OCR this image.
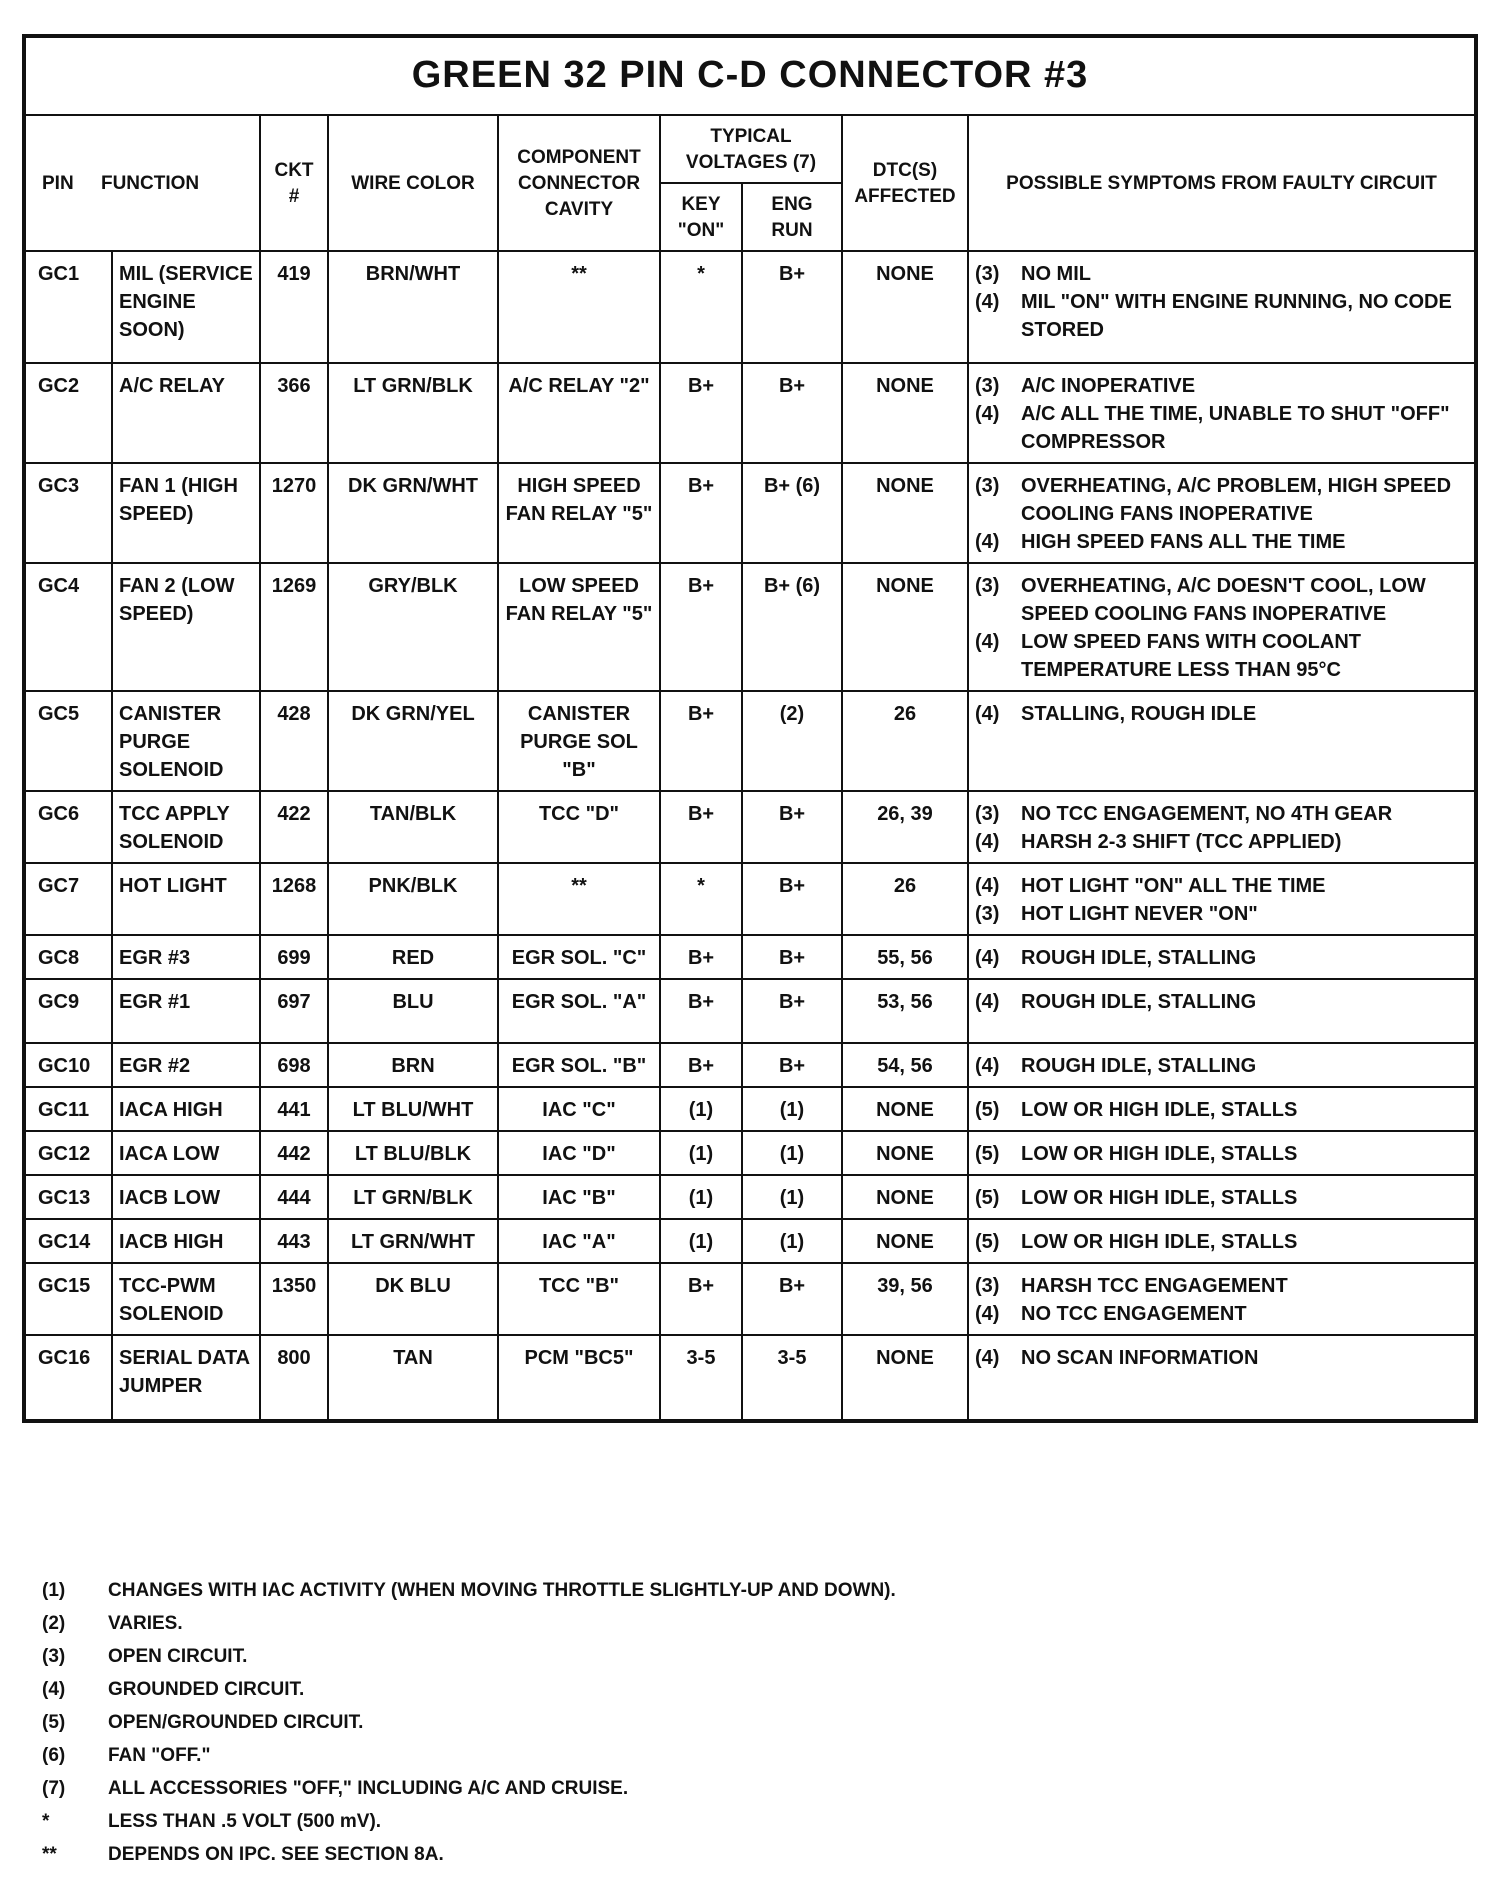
GREEN 32 PIN C-D CONNECTOR #3								
PIN FUNCTION		CKT #	WIRE COLOR	COMPONENT CONNECTOR CAVITY	TYPICAL VOLTAGES (7)		DTC(S) AFFECTED	POSSIBLE SYMPTOMS FROM FAULTY CIRCUIT
					KEY "ON"	ENG RUN		
GC1	MIL (SERVICE ENGINE SOON)	419	BRN/WHT	**	*	B+	NONE	(3) NO MIL
(4) MIL "ON" WITH ENGINE RUNNING, NO CODE STORED

GC2	A/C RELAY	366	LT GRN/BLK	A/C RELAY "2"	B+	B+	NONE	(3) A/C INOPERATIVE
(4) A/C ALL THE TIME, UNABLE TO SHUT "OFF" COMPRESSOR

GC3	FAN 1 (HIGH SPEED)	1270	DK GRN/WHT	HIGH SPEED FAN RELAY "5"	B+	B+ (6)	NONE	(3) OVERHEATING, A/C PROBLEM, HIGH SPEED COOLING FANS INOPERATIVE
(4) HIGH SPEED FANS ALL THE TIME

GC4	FAN 2 (LOW SPEED)	1269	GRY/BLK	LOW SPEED FAN RELAY "5"	B+	B+ (6)	NONE	(3) OVERHEATING, A/C DOESN'T COOL, LOW SPEED COOLING FANS INOPERATIVE
(4) LOW SPEED FANS WITH COOLANT TEMPERATURE LESS THAN 95°C

GC5	CANISTER PURGE SOLENOID	428	DK GRN/YEL	CANISTER PURGE SOL "B"	B+	(2)	26	(4) STALLING, ROUGH IDLE

GC6	TCC APPLY SOLENOID	422	TAN/BLK	TCC "D"	B+	B+	26, 39	(3) NO TCC ENGAGEMENT, NO 4TH GEAR
(4) HARSH 2-3 SHIFT (TCC APPLIED)

GC7	HOT LIGHT	1268	PNK/BLK	**	*	B+	26	(4) HOT LIGHT "ON" ALL THE TIME
(3) HOT LIGHT NEVER "ON"

GC8	EGR #3	699	RED	EGR SOL. "C"	B+	B+	55, 56	(4) ROUGH IDLE, STALLING

GC9	EGR #1	697	BLU	EGR SOL. "A"	B+	B+	53, 56	(4) ROUGH IDLE, STALLING

GC10	EGR #2	698	BRN	EGR SOL. "B"	B+	B+	54, 56	(4) ROUGH IDLE, STALLING

GC11	IACA HIGH	441	LT BLU/WHT	IAC "C"	(1)	(1)	NONE	(5) LOW OR HIGH IDLE, STALLS

GC12	IACA LOW	442	LT BLU/BLK	IAC "D"	(1)	(1)	NONE	(5) LOW OR HIGH IDLE, STALLS

GC13	IACB LOW	444	LT GRN/BLK	IAC "B"	(1)	(1)	NONE	(5) LOW OR HIGH IDLE, STALLS

GC14	IACB HIGH	443	LT GRN/WHT	IAC "A"	(1)	(1)	NONE	(5) LOW OR HIGH IDLE, STALLS

GC15	TCC-PWM SOLENOID	1350	DK BLU	TCC "B"	B+	B+	39, 56	(3) HARSH TCC ENGAGEMENT
(4) NO TCC ENGAGEMENT

GC16	SERIAL DATA JUMPER	800	TAN	PCM "BC5"	3-5	3-5	NONE	(4) NO SCAN INFORMATION
(1)	CHANGES WITH IAC ACTIVITY (WHEN MOVING THROTTLE SLIGHTLY-UP AND DOWN).
(2)	VARIES.
(3)	OPEN CIRCUIT.
(4)	GROUNDED CIRCUIT.
(5)	OPEN/GROUNDED CIRCUIT.
(6)	FAN "OFF."
(7)	ALL ACCESSORIES "OFF," INCLUDING A/C AND CRUISE.
*	LESS THAN .5 VOLT (500 mV).
**	DEPENDS ON IPC. SEE SECTION 8A.
